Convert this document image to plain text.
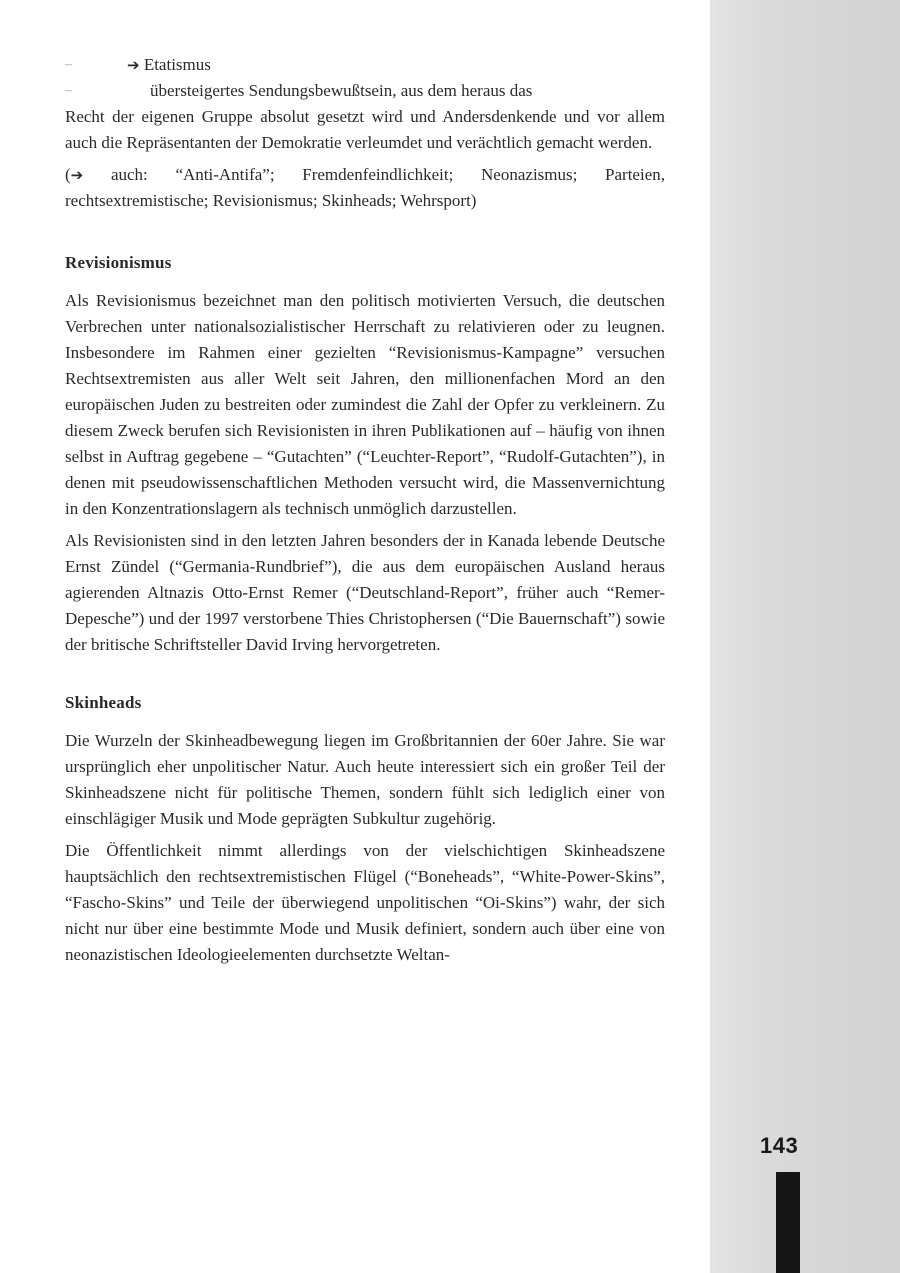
143
–	➔ Etatismus
–	übersteigertes Sendungsbewußtsein, aus dem heraus das

Recht der eigenen Gruppe absolut gesetzt wird und Andersdenkende und vor allem auch die Repräsentanten der Demokratie verleumdet und verächtlich gemacht werden.

(➔ auch: “Anti-Antifa”; Fremdenfeindlichkeit; Neonazismus; Parteien, rechtsextremistische; Revisionismus; Skinheads; Wehrsport)

Revisionismus

Als Revisionismus bezeichnet man den politisch motivierten Versuch, die deutschen Verbrechen unter nationalsozialistischer Herrschaft zu relativieren oder zu leugnen. Insbesondere im Rahmen einer gezielten “Revisionismus-Kampagne” versuchen Rechtsextremisten aus aller Welt seit Jahren, den millionenfachen Mord an den europäischen Juden zu bestreiten oder zumindest die Zahl der Opfer zu verkleinern. Zu diesem Zweck berufen sich Revisionisten in ihren Publikationen auf – häufig von ihnen selbst in Auftrag gegebene – “Gutachten” (“Leuchter-Report”, “Rudolf-Gutachten”), in denen mit pseudowissenschaftlichen Methoden versucht wird, die Massenvernichtung in den Konzentrationslagern als technisch unmöglich darzustellen.

Als Revisionisten sind in den letzten Jahren besonders der in Kanada lebende Deutsche Ernst Zündel (“Germania-Rundbrief”), die aus dem europäischen Ausland heraus agierenden Altnazis Otto-Ernst Remer (“Deutschland-Report”, früher auch “Remer-Depesche”) und der 1997 verstorbene Thies Christophersen (“Die Bauernschaft”) sowie der britische Schriftsteller David Irving hervorgetreten.

Skinheads

Die Wurzeln der Skinheadbewegung liegen im Großbritannien der 60er Jahre. Sie war ursprünglich eher unpolitischer Natur. Auch heute interessiert sich ein großer Teil der Skinheadszene nicht für politische Themen, sondern fühlt sich lediglich einer von einschlägiger Musik und Mode geprägten Subkultur zugehörig.

Die Öffentlichkeit nimmt allerdings von der vielschichtigen Skinheadszene hauptsächlich den rechtsextremistischen Flügel (“Boneheads”, “White-Power-Skins”, “Fascho-Skins” und Teile der überwiegend unpolitischen “Oi-Skins”) wahr, der sich nicht nur über eine bestimmte Mode und Musik definiert, sondern auch über eine von neonazistischen Ideologieelementen durchsetzte Weltan-
